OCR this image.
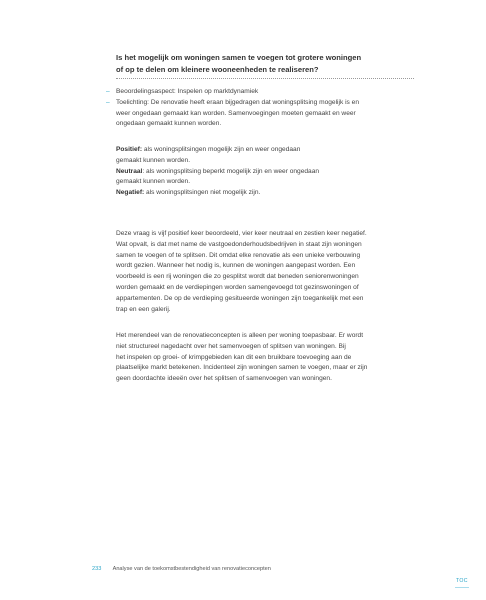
Is het mogelijk om woningen samen te voegen tot grotere woningen
of op te delen om kleinere wooneenheden te realiseren?
– Beoordelingsaspect: Inspelen op marktdynamiek
– Toelichting: De renovatie heeft eraan bijgedragen dat woningsplitsing mogelijk is en
weer ongedaan gemaakt kan worden. Samenvoegingen moeten gemaakt en weer
ongedaan gemaakt kunnen worden.
Positief: als woningsplitsingen mogelijk zijn en weer ongedaan
gemaakt kunnen worden.
Neutraal: als woningsplitsing beperkt mogelijk zijn en weer ongedaan
gemaakt kunnen worden.
Negatief: als woningsplitsingen niet mogelijk zijn.
Deze vraag is vijf positief keer beoordeeld, vier keer neutraal en zestien keer negatief.
Wat opvalt, is dat met name de vastgoedonderhoudsbedrijven in staat zijn woningen
samen te voegen of te splitsen. Dit omdat elke renovatie als een unieke verbouwing
wordt gezien. Wanneer het nodig is, kunnen de woningen aangepast worden. Een
voorbeeld is een rij woningen die zo gesplitst wordt dat beneden seniorenwoningen
worden gemaakt en de verdiepingen worden samengevoegd tot gezinswoningen of
appartementen. De op de verdieping gesitueerde woningen zijn toegankelijk met een
trap en een galerij.
Het merendeel van de renovatieconcepten is alleen per woning toepasbaar. Er wordt
niet structureel nagedacht over het samenvoegen of splitsen van woningen. Bij
het inspelen op groei- of krimpgebieden kan dit een bruikbare toevoeging aan de
plaatselijke markt betekenen. Incidenteel zijn woningen samen te voegen, maar er zijn
geen doordachte ideeën over het splitsen of samenvoegen van woningen.
233 Analyse van de toekomstbestendigheid van renovatieconcepten
TOC
